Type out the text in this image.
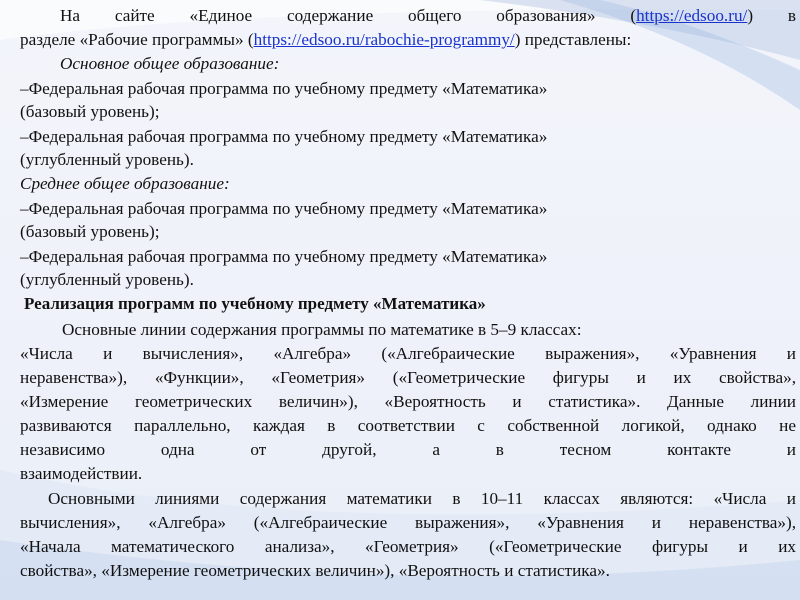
На сайте «Единое содержание общего образования» (https://edsoo.ru/) в
разделе «Рабочие программы» (https://edsoo.ru/rabochie-programmy/) представлены:
Основное общее образование:
–Федеральная рабочая программа по учебному предмету «Математика»
(базовый уровень);
–Федеральная рабочая программа по учебному предмету «Математика»
(углубленный уровень).
Среднее общее образование:
–Федеральная рабочая программа по учебному предмету «Математика»
(базовый уровень);
–Федеральная рабочая программа по учебному предмету «Математика»
(углубленный уровень).
Реализация программ по учебному предмету «Математика»
Основные линии содержания программы по математике в 5–9 классах:
«Числа и вычисления», «Алгебра» («Алгебраические выражения», «Уравнения и
неравенства»), «Функции», «Геометрия» («Геометрические фигуры и их свойства»,
«Измерение геометрических величин»), «Вероятность и статистика». Данные линии
развиваются параллельно, каждая в соответствии с собственной логикой, однако не
независимо одна от другой, а в тесном контакте и
взаимодействии.
Основными линиями содержания математики в 10–11 классах являются: «Числа и
вычисления», «Алгебра» («Алгебраические выражения», «Уравнения и неравенства»),
«Начала математического анализа», «Геометрия» («Геометрические фигуры и их
свойства», «Измерение геометрических величин»), «Вероятность и статистика».
